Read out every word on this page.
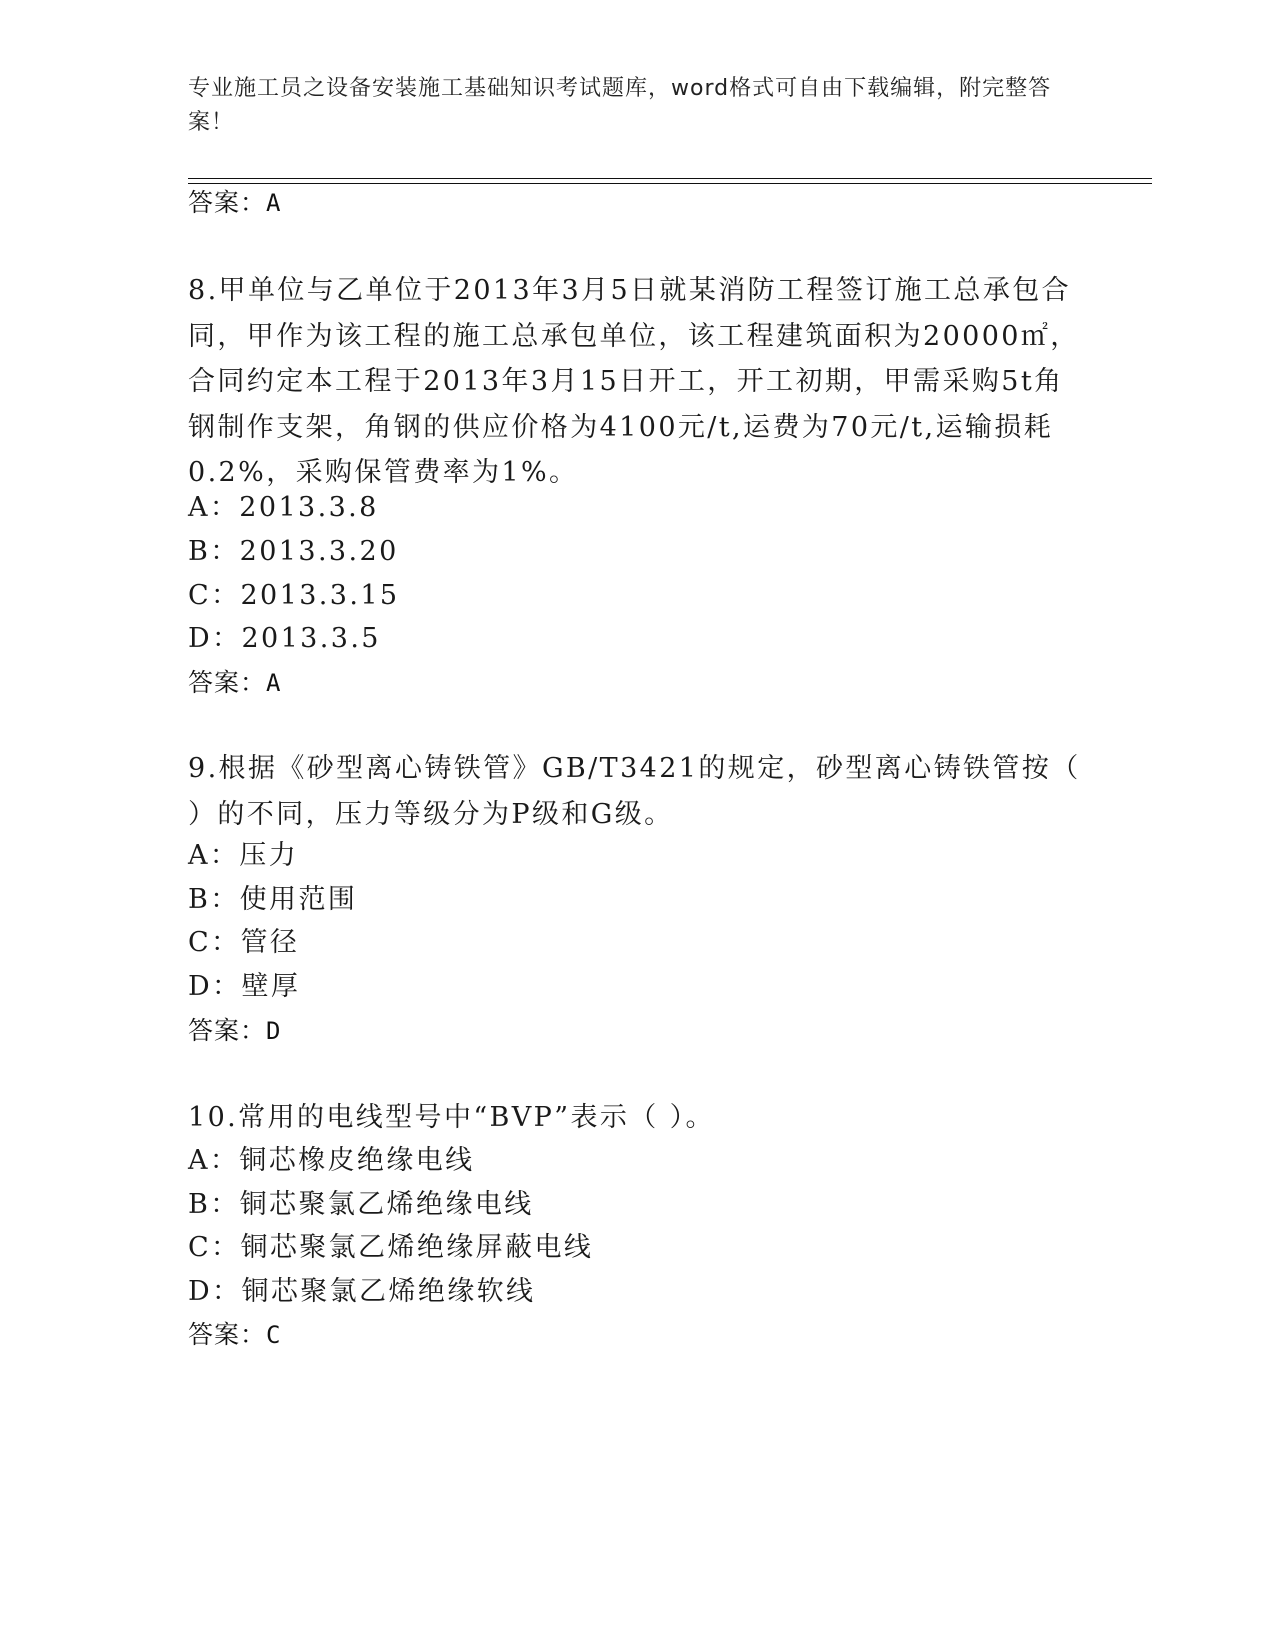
专业施工员之设备安装施工基础知识考试题库，word格式可自由下载编辑，附完整答案！
答案：A
8.甲单位与乙单位于2013年3月5日就某消防工程签订施工总承包合同，甲作为该工程的施工总承包单位，该工程建筑面积为20000㎡，合同约定本工程于2013年3月15日开工，开工初期，甲需采购5t角钢制作支架，角钢的供应价格为4100元/t,运费为70元/t,运输损耗0.2%，采购保管费率为1%。
A：2013.3.8
B：2013.3.20
C：2013.3.15
D：2013.3.5
答案：A
9.根据《砂型离心铸铁管》GB/T3421的规定，砂型离心铸铁管按（ ）的不同，压力等级分为P级和G级。
A：压力
B：使用范围
C：管径
D：壁厚
答案：D
10.常用的电线型号中“BVP”表示（ ）。
A：铜芯橡皮绝缘电线
B：铜芯聚氯乙烯绝缘电线
C：铜芯聚氯乙烯绝缘屏蔽电线
D：铜芯聚氯乙烯绝缘软线
答案：C
